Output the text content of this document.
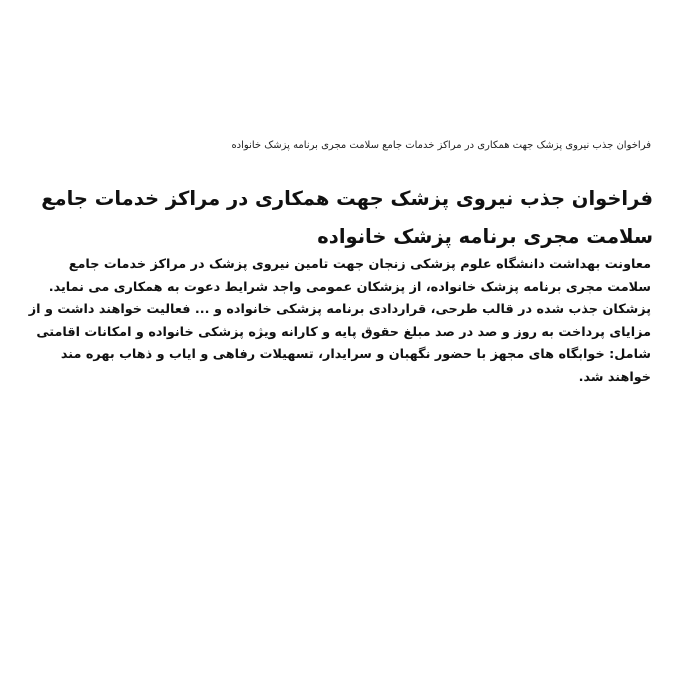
فراخوان جذب نیروی پزشک جهت همکاری در مراکز خدمات جامع سلامت مجری برنامه پزشک خانواده
فراخوان جذب نیروی پزشک جهت همکاری در مراکز خدمات جامع سلامت مجری برنامه پزشک خانواده
معاونت بهداشت دانشگاه علوم پزشکی زنجان جهت تامین نیروی پزشک در مراکز خدمات جامع
سلامت مجری برنامه پزشک خانواده، از پزشکان عمومی واجد شرایط دعوت به همکاری می نماید.
پزشکان جذب شده در قالب طرحی، قراردادی برنامه پزشکی خانواده و ... فعالیت خواهند داشت و از
مزایای پرداخت به روز و صد در صد مبلغ حقوق پایه و کارانه ویژه پزشکی خانواده و امکانات اقامتی
شامل: خوابگاه های مجهز با حضور نگهبان و سرایدار، تسهیلات رفاهی و ایاب و ذهاب بهره مند
خواهند شد.
